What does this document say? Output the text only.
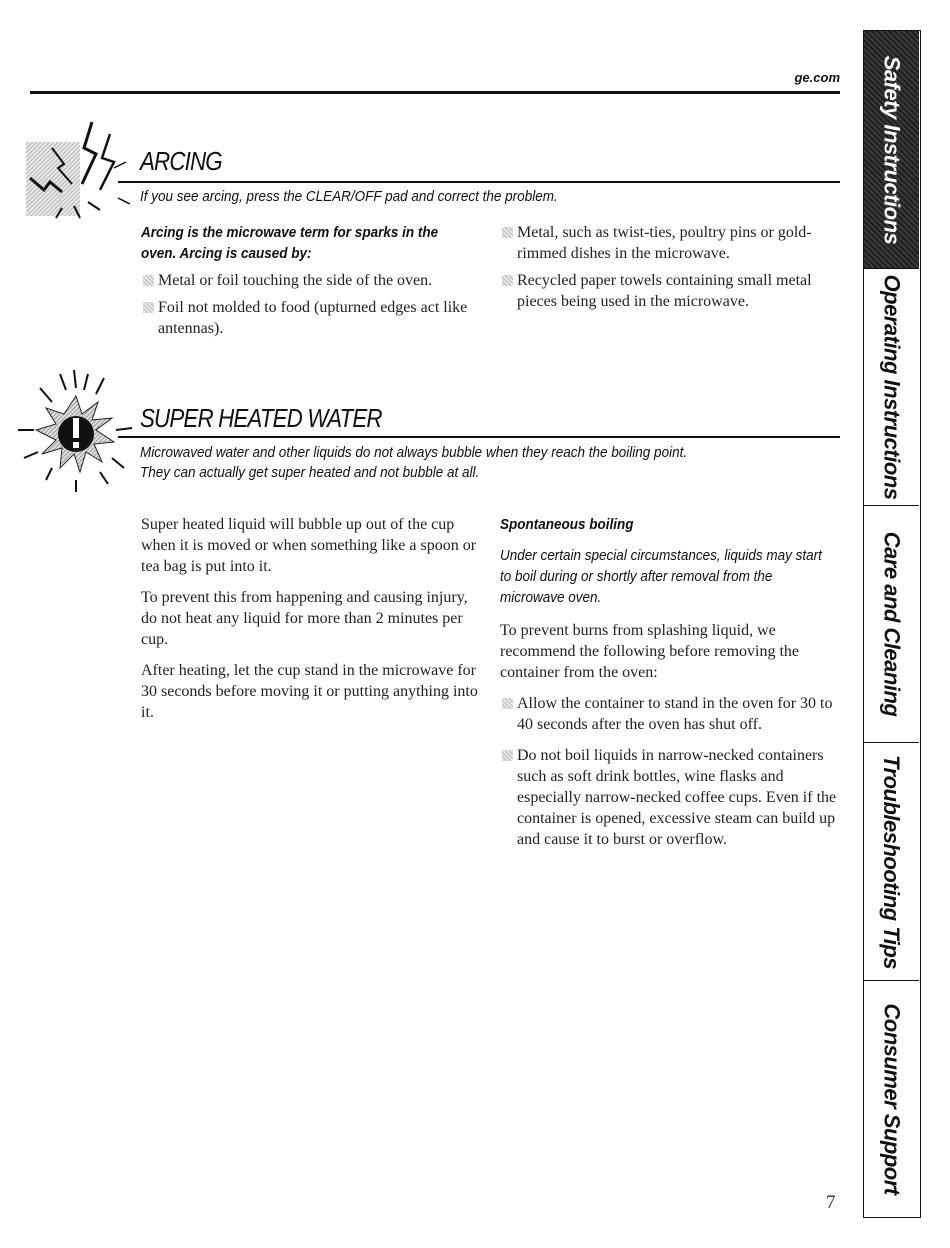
ge.com
ARCING
If you see arcing, press the CLEAR/OFF pad and correct the problem.
Arcing is the microwave term for sparks in the
oven. Arcing is caused by:
Metal or foil touching the side of the oven.
Foil not molded to food (upturned edges act like antennas).
Metal, such as twist-ties, poultry pins or gold-rimmed dishes in the microwave.
Recycled paper towels containing small metal pieces being used in the microwave.
SUPER HEATED WATER
Microwaved water and other liquids do not always bubble when they reach the boiling point.
They can actually get super heated and not bubble at all.

Super heated liquid will bubble up out of the cup when it is moved or when something like a spoon or tea bag is put into it.

To prevent this from happening and causing injury, do not heat any liquid for more than 2 minutes per cup.

After heating, let the cup stand in the microwave for 30 seconds before moving it or putting anything into it.

Spontaneous boiling
Under certain special circumstances, liquids may start to boil during or shortly after removal from the microwave oven.

To prevent burns from splashing liquid, we recommend the following before removing the container from the oven:

Allow the container to stand in the oven for 30 to 40 seconds after the oven has shut off.
Do not boil liquids in narrow-necked containers such as soft drink bottles, wine flasks and especially narrow-necked coffee cups. Even if the container is opened, excessive steam can build up and cause it to burst or overflow.
Safety Instructions
Operating Instructions
Care and Cleaning
Troubleshooting Tips
Consumer Support
7
